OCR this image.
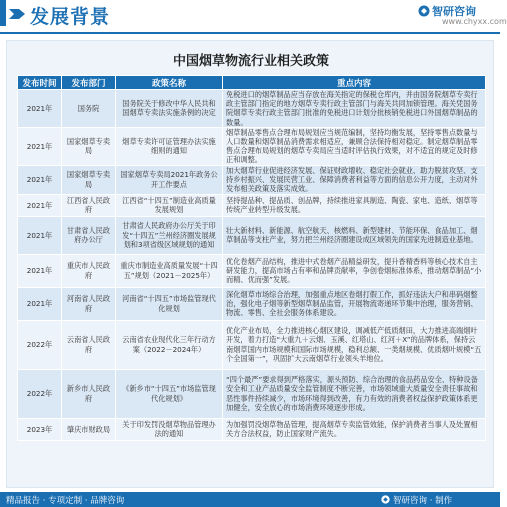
发展背景	智研咨询
www.chyxx.com
中国烟草物流行业相关政策
发布时间	发布部门	政策名称	重点内容
2021年	国务院	国务院关于修改中华人民共和国烟草专卖法实施条例的决定	免税进口的烟草制品应当存放在海关指定的保税仓库内，并由国务院烟草专卖行政主管部门指定的地方烟草专卖行政主管部门与海关共同加锁管理。海关凭国务院烟草专卖行政主管部门批准的免税进口计划分批核销免税进口外国烟草制品的数量。
2021年	国家烟草专卖局	烟草专卖许可证管理办法实施细则的通知	烟草制品零售点合理布局规划应当规范编制，坚持均衡发展，坚持零售点数量与人口数量和烟草制品消费需求相适应，兼顾合法保持相对稳定。制定烟草制品零售点合理布局规划的烟草专卖局应当适时评估执行效果，对不适宜的规定及时修正和调整。
2021年	国家烟草专卖局	国家烟草专卖局2021年政务公开工作要点	加大烟草行业促进经济发展、保证财政增收、稳定社会就业、助力脱贫攻坚、支持乡村振兴、发展民营工业、保障消费者利益等方面的信息公开力度，主动对外发布相关政策及落实成效。
2021年	江西省人民政府	江西省“十四五”制造业高质量发展规划	坚持提品种、提品质、创品牌，持续推进家具制造、陶瓷、家电、造纸、烟草等传统产业转型升级发展。
2021年	甘肃省人民政府办公厅	甘肃省人民政府办公厅关于印发“十四五”兰州经济圈发展规划和3项省级区域规划的通知	壮大新材料、新能源、航空航天、核燃料、新型建材、节能环保、食品加工、烟草制品等支柱产业，努力把兰州经济圈建设成区域领先的国家先进制造业基地。
2021年	重庆市人民政府	重庆市制造业高质量发展“十四五”规划（2021－2025年）	优化卷烟产品结构，推进中式卷烟产品精益研发，提升香精香料等核心技术自主研发能力，提高市场占有率和品牌贡献率，争创卷烟标准体系，推动烟草制品“小而精、优而强”发展。
2021年	河南省人民政府	河南省“十四五”市场监管现代化规划	深化烟草市场综合治理，加强重点地区卷烟打假工作，抓好违法大户和串码烟整治，强化电子烟等新型烟草制品监管，开展物流寄递环节集中治理，服务营销、物流、零售、全社会服务体系建设。
2022年	云南省人民政府	云南省农业现代化三年行动方案（2022－2024年）	优化产业布局，全力推进核心烟区建设，调减低产低质烟田，大力推进高端烟叶开发，着力打造“大重九＋云烟、玉溪、红塔山、红河＋X”的品牌体系，保持云南烟草国内市场规模和国际市场规模，稳利总额、一类烟规模、优质烟叶规模“五个全国第一”，巩固扩大云南烟草行业领头羊地位。
2022年	新乡市人民政府	《新乡市“十四五”市场监管现代化规划》	“四个最严”要求得到严格落实，源头预防、综合治理的食品药品安全、特种设备安全和工业产品质量安全监管制度不断完善，市场领域重大质量安全责任事故和恶性事件持续减少，市场环境得到改善，有力有效的消费者权益保护政策体系更加健全，安全放心的市场消费环境逐步形成。
2023年	肇庆市财政局	关于印发罚没烟草物品管理办法的通知	为加强罚没烟草物品管理，提高烟草专卖监管效能，保护消费者当事人及处置相关方合法权益，防止国家财产流失。
精品报告 · 专项定制 · 品牌咨询	智研咨询 · 制作
